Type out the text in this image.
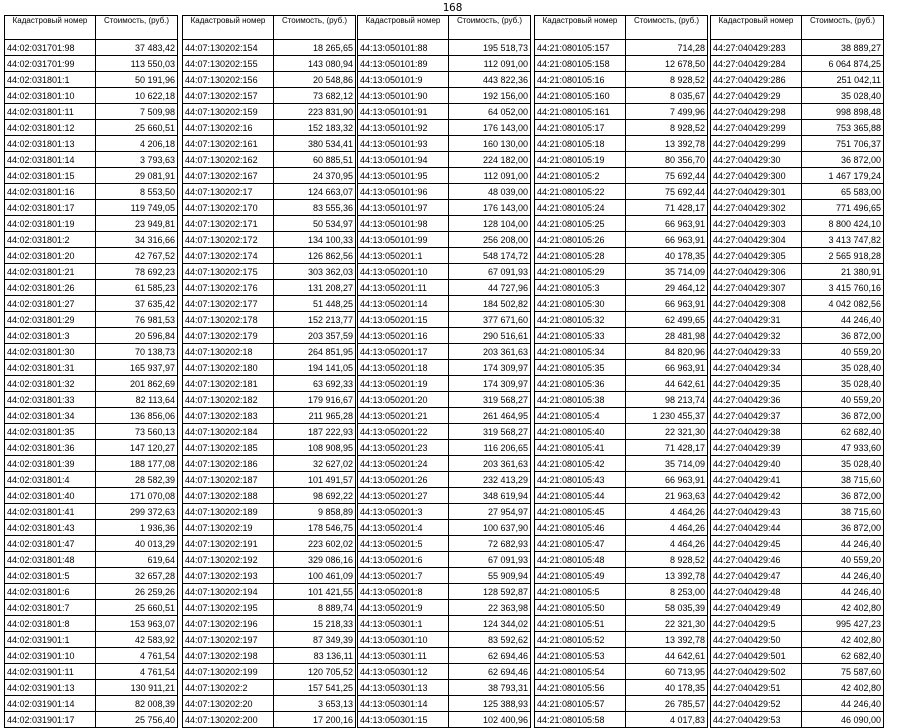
168
Кадастровый номер	Стоимость, (руб.)
44:02:031701:98	37 483,42
44:02:031701:99	113 550,03
44:02:031801:1	50 191,96
44:02:031801:10	10 622,18
44:02:031801:11	7 509,98
44:02:031801:12	25 660,51
44:02:031801:13	4 206,18
44:02:031801:14	3 793,63
44:02:031801:15	29 081,91
44:02:031801:16	8 553,50
44:02:031801:17	119 749,05
44:02:031801:19	23 949,81
44:02:031801:2	34 316,66
44:02:031801:20	42 767,52
44:02:031801:21	78 692,23
44:02:031801:26	61 585,23
44:02:031801:27	37 635,42
44:02:031801:29	76 981,53
44:02:031801:3	20 596,84
44:02:031801:30	70 138,73
44:02:031801:31	165 937,97
44:02:031801:32	201 862,69
44:02:031801:33	82 113,64
44:02:031801:34	136 856,06
44:02:031801:35	73 560,13
44:02:031801:36	147 120,27
44:02:031801:39	188 177,08
44:02:031801:4	28 582,39
44:02:031801:40	171 070,08
44:02:031801:41	299 372,63
44:02:031801:43	1 936,36
44:02:031801:47	40 013,29
44:02:031801:48	619,64
44:02:031801:5	32 657,28
44:02:031801:6	26 259,26
44:02:031801:7	25 660,51
44:02:031801:8	153 963,07
44:02:031901:1	42 583,92
44:02:031901:10	4 761,54
44:02:031901:11	4 761,54
44:02:031901:13	130 911,21
44:02:031901:14	82 008,39
44:02:031901:17	25 756,40
Кадастровый номер	Стоимость, (руб.)
44:07:130202:154	18 265,65
44:07:130202:155	143 080,94
44:07:130202:156	20 548,86
44:07:130202:157	73 682,12
44:07:130202:159	223 831,90
44:07:130202:16	152 183,32
44:07:130202:161	380 534,41
44:07:130202:162	60 885,51
44:07:130202:167	24 370,95
44:07:130202:17	124 663,07
44:07:130202:170	83 555,36
44:07:130202:171	50 534,97
44:07:130202:172	134 100,33
44:07:130202:174	126 862,56
44:07:130202:175	303 362,03
44:07:130202:176	131 208,27
44:07:130202:177	51 448,25
44:07:130202:178	152 213,77
44:07:130202:179	203 357,59
44:07:130202:18	264 851,95
44:07:130202:180	194 141,05
44:07:130202:181	63 692,33
44:07:130202:182	179 916,67
44:07:130202:183	211 965,28
44:07:130202:184	187 222,93
44:07:130202:185	108 908,95
44:07:130202:186	32 627,02
44:07:130202:187	101 491,57
44:07:130202:188	98 692,22
44:07:130202:189	9 858,89
44:07:130202:19	178 546,75
44:07:130202:191	223 602,02
44:07:130202:192	329 086,16
44:07:130202:193	100 461,09
44:07:130202:194	101 421,55
44:07:130202:195	8 889,74
44:07:130202:196	15 218,33
44:07:130202:197	87 349,39
44:07:130202:198	83 136,11
44:07:130202:199	120 705,52
44:07:130202:2	157 541,25
44:07:130202:20	3 653,13
44:07:130202:200	17 200,16
Кадастровый номер	Стоимость, (руб.)
44:13:050101:88	195 518,73
44:13:050101:89	112 091,00
44:13:050101:9	443 822,36
44:13:050101:90	192 156,00
44:13:050101:91	64 052,00
44:13:050101:92	176 143,00
44:13:050101:93	160 130,00
44:13:050101:94	224 182,00
44:13:050101:95	112 091,00
44:13:050101:96	48 039,00
44:13:050101:97	176 143,00
44:13:050101:98	128 104,00
44:13:050101:99	256 208,00
44:13:050201:1	548 174,72
44:13:050201:10	67 091,93
44:13:050201:11	44 727,96
44:13:050201:14	184 502,82
44:13:050201:15	377 671,60
44:13:050201:16	290 516,61
44:13:050201:17	203 361,63
44:13:050201:18	174 309,97
44:13:050201:19	174 309,97
44:13:050201:20	319 568,27
44:13:050201:21	261 464,95
44:13:050201:22	319 568,27
44:13:050201:23	116 206,65
44:13:050201:24	203 361,63
44:13:050201:26	232 413,29
44:13:050201:27	348 619,94
44:13:050201:3	27 954,97
44:13:050201:4	100 637,90
44:13:050201:5	72 682,93
44:13:050201:6	67 091,93
44:13:050201:7	55 909,94
44:13:050201:8	128 592,87
44:13:050201:9	22 363,98
44:13:050301:1	124 344,02
44:13:050301:10	83 592,62
44:13:050301:11	62 694,46
44:13:050301:12	62 694,46
44:13:050301:13	38 793,31
44:13:050301:14	125 388,93
44:13:050301:15	102 400,96
Кадастровый номер	Стоимость, (руб.)
44:21:080105:157	714,28
44:21:080105:158	12 678,50
44:21:080105:16	8 928,52
44:21:080105:160	8 035,67
44:21:080105:161	7 499,96
44:21:080105:17	8 928,52
44:21:080105:18	13 392,78
44:21:080105:19	80 356,70
44:21:080105:2	75 692,44
44:21:080105:22	75 692,44
44:21:080105:24	71 428,17
44:21:080105:25	66 963,91
44:21:080105:26	66 963,91
44:21:080105:28	40 178,35
44:21:080105:29	35 714,09
44:21:080105:3	29 464,12
44:21:080105:30	66 963,91
44:21:080105:32	62 499,65
44:21:080105:33	28 481,98
44:21:080105:34	84 820,96
44:21:080105:35	66 963,91
44:21:080105:36	44 642,61
44:21:080105:38	98 213,74
44:21:080105:4	1 230 455,37
44:21:080105:40	22 321,30
44:21:080105:41	71 428,17
44:21:080105:42	35 714,09
44:21:080105:43	66 963,91
44:21:080105:44	21 963,63
44:21:080105:45	4 464,26
44:21:080105:46	4 464,26
44:21:080105:47	4 464,26
44:21:080105:48	8 928,52
44:21:080105:49	13 392,78
44:21:080105:5	8 253,00
44:21:080105:50	58 035,39
44:21:080105:51	22 321,30
44:21:080105:52	13 392,78
44:21:080105:53	44 642,61
44:21:080105:54	60 713,95
44:21:080105:56	40 178,35
44:21:080105:57	26 785,57
44:21:080105:58	4 017,83
Кадастровый номер	Стоимость, (руб.)
44:27:040429:283	38 889,27
44:27:040429:284	6 064 874,25
44:27:040429:286	251 042,11
44:27:040429:29	35 028,40
44:27:040429:298	998 898,48
44:27:040429:299	753 365,88
44:27:040429:299	751 706,37
44:27:040429:30	36 872,00
44:27:040429:300	1 467 179,24
44:27:040429:301	65 583,00
44:27:040429:302	771 496,65
44:27:040429:303	8 800 424,10
44:27:040429:304	3 413 747,82
44:27:040429:305	2 565 918,28
44:27:040429:306	21 380,91
44:27:040429:307	3 415 760,16
44:27:040429:308	4 042 082,56
44:27:040429:31	44 246,40
44:27:040429:32	36 872,00
44:27:040429:33	40 559,20
44:27:040429:34	35 028,40
44:27:040429:35	35 028,40
44:27:040429:36	40 559,20
44:27:040429:37	36 872,00
44:27:040429:38	62 682,40
44:27:040429:39	47 933,60
44:27:040429:40	35 028,40
44:27:040429:41	38 715,60
44:27:040429:42	36 872,00
44:27:040429:43	38 715,60
44:27:040429:44	36 872,00
44:27:040429:45	44 246,40
44:27:040429:46	40 559,20
44:27:040429:47	44 246,40
44:27:040429:48	44 246,40
44:27:040429:49	42 402,80
44:27:040429:5	995 427,23
44:27:040429:50	42 402,80
44:27:040429:501	62 682,40
44:27:040429:502	75 587,60
44:27:040429:51	42 402,80
44:27:040429:52	44 246,40
44:27:040429:53	46 090,00
